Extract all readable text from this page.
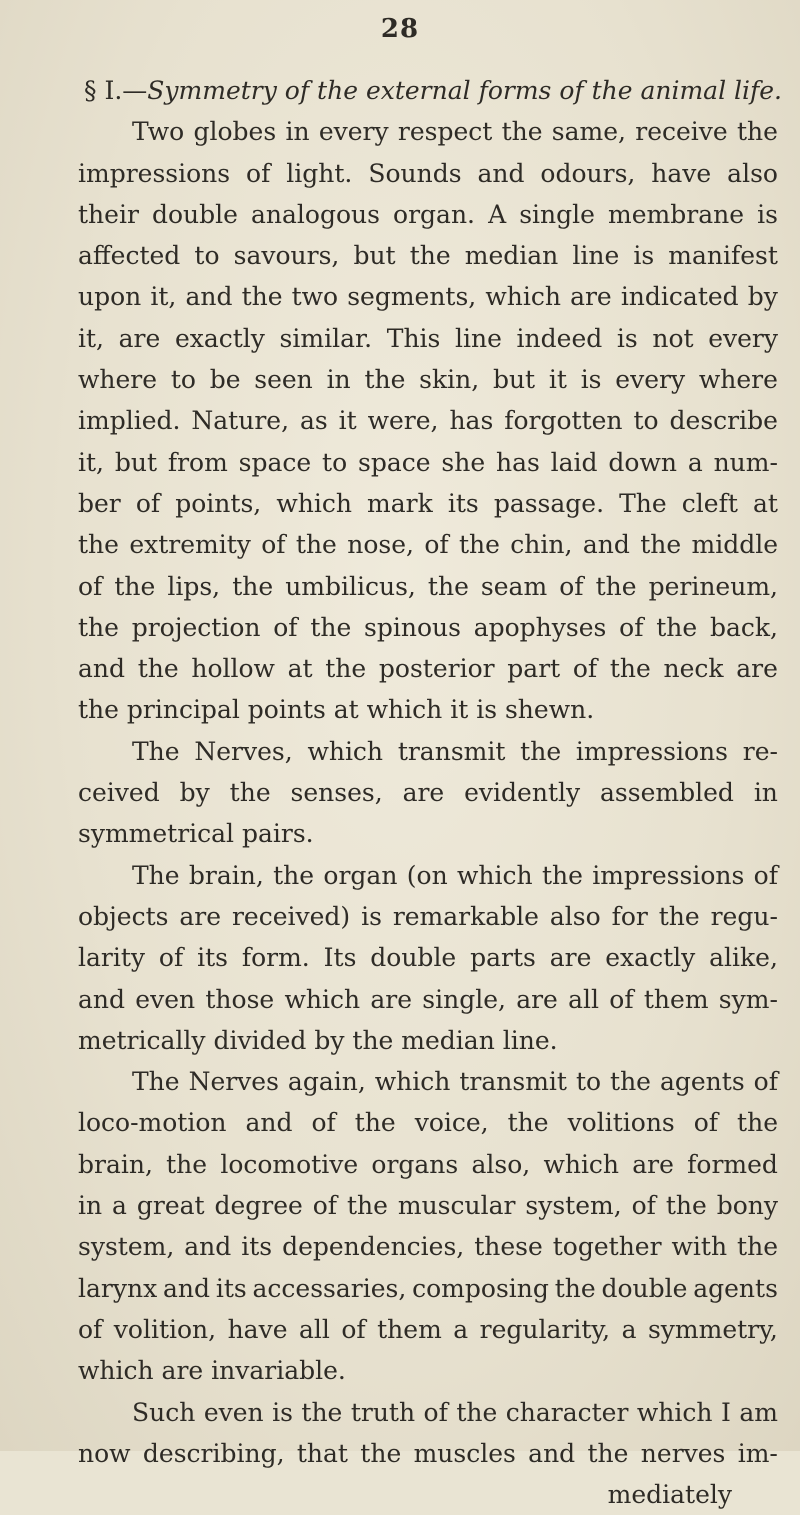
28
§ I.— Symmetry of the external forms of the animal life.
Two globes in every respect the same, receive the
impressions of light. Sounds and odours, have also
their double analogous organ. A single membrane is
affected to savours, but the median line is manifest
upon it, and the two segments, which are indicated by
it, are exactly similar. This line indeed is not every
where to be seen in the skin, but it is every where
implied. Nature, as it were, has forgotten to describe
it, but from space to space she has laid down a num-
ber of points, which mark its passage. The cleft at
the extremity of the nose, of the chin, and the middle
of the lips, the umbilicus, the seam of the perineum,
the projection of the spinous apophyses of the back,
and the hollow at the posterior part of the neck are
the principal points at which it is shewn.
The Nerves, which transmit the impressions re-
ceived by the senses, are evidently assembled in
symmetrical pairs.
The brain, the organ (on which the impressions of
objects are received) is remarkable also for the regu-
larity of its form. Its double parts are exactly alike,
and even those which are single, are all of them sym-
metrically divided by the median line.
The Nerves again, which transmit to the agents of
loco-motion and of the voice, the volitions of the
brain, the locomotive organs also, which are formed
in a great degree of the muscular system, of the bony
system, and its dependencies, these together with the
larynx and its accessaries, composing the double agents
of volition, have all of them a regularity, a symmetry,
which are invariable.
Such even is the truth of the character which I am
now describing, that the muscles and the nerves im-
mediately
